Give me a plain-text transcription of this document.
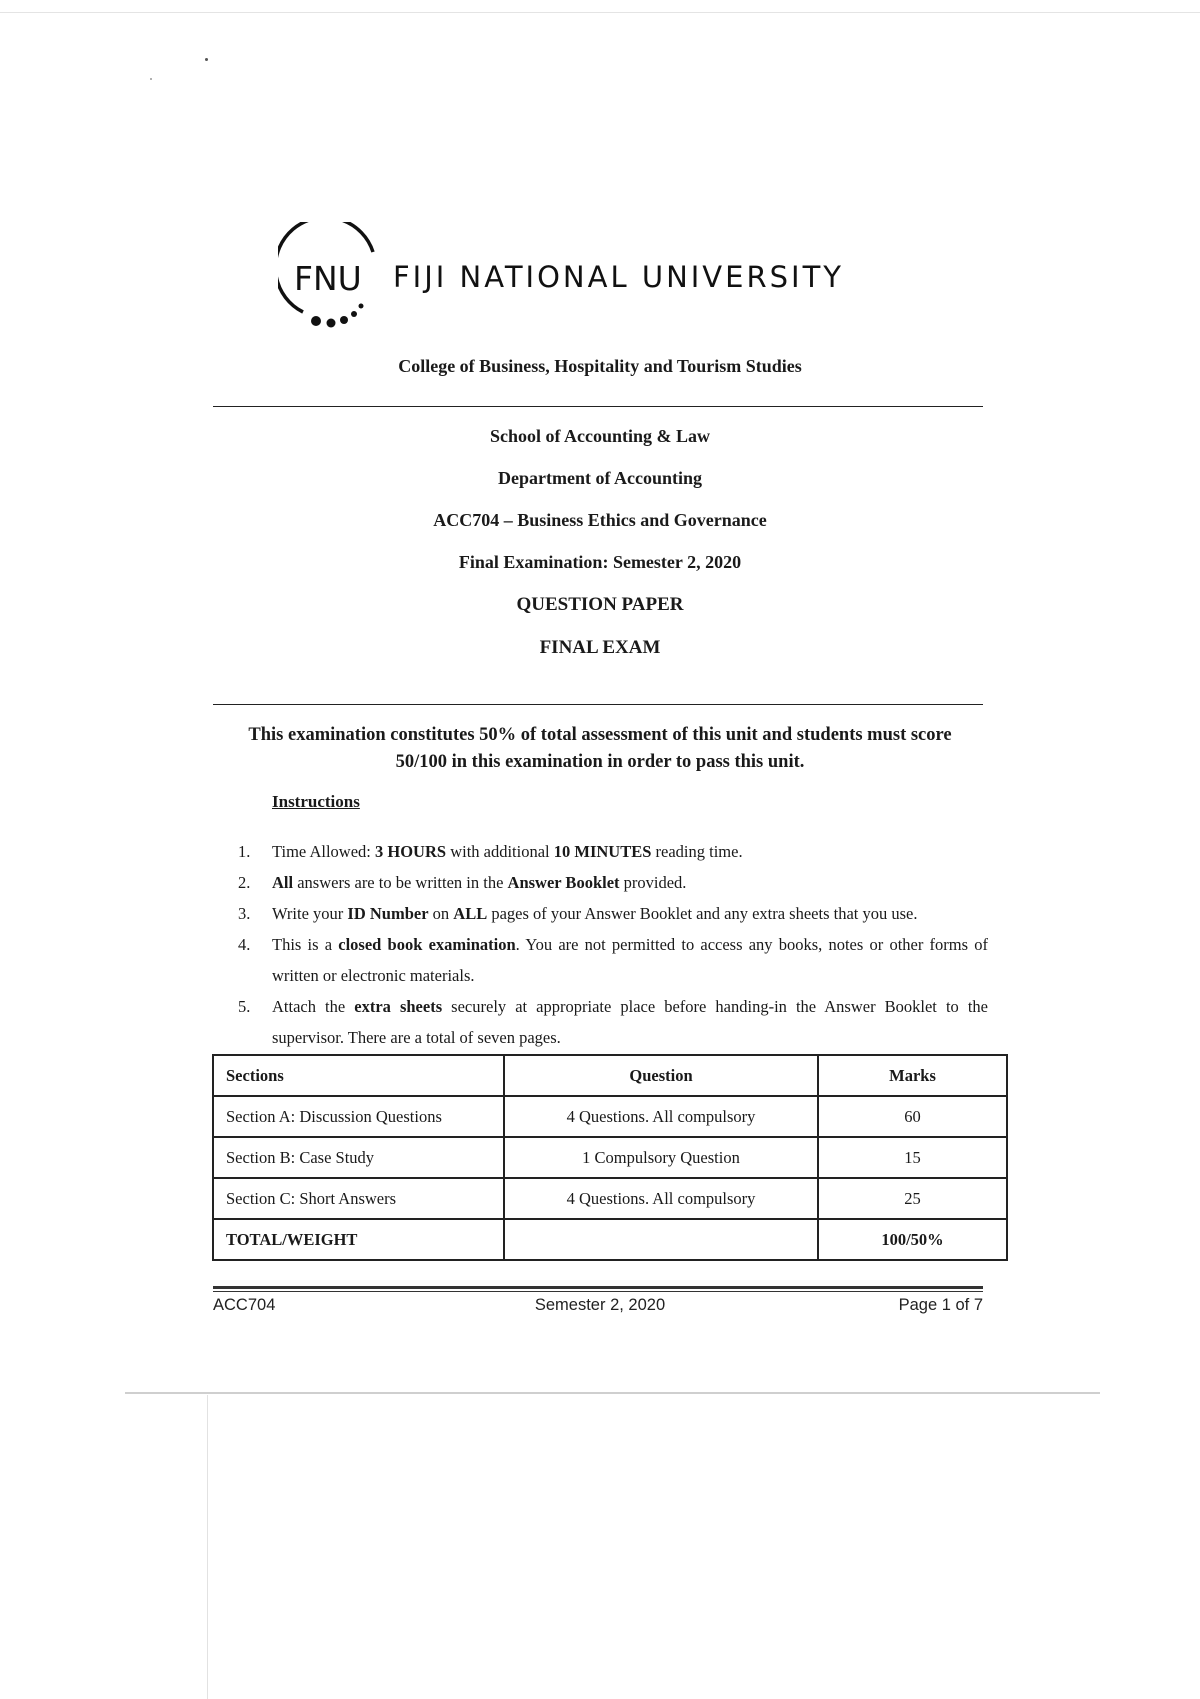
FNU FIJI NATIONAL UNIVERSITY
College of Business, Hospitality and Tourism Studies
School of Accounting & Law
Department of Accounting
ACC704 – Business Ethics and Governance
Final Examination: Semester 2, 2020
QUESTION PAPER
FINAL EXAM
This examination constitutes 50% of total assessment of this unit and students must score
50/100 in this examination in order to pass this unit.
Instructions

1. Time Allowed: 3 HOURS with additional 10 MINUTES reading time.

2. All answers are to be written in the Answer Booklet provided.

3. Write your ID Number on ALL pages of your Answer Booklet and any extra sheets that you use.

4. This is a closed book examination. You are not permitted to access any books, notes or other forms of written or electronic materials.

5. Attach the extra sheets securely at appropriate place before handing-in the Answer Booklet to the supervisor. There are a total of seven pages.

Sections	Question	Marks
Section A: Discussion Questions	4 Questions. All compulsory	60
Section B: Case Study	1 Compulsory Question	15
Section C: Short Answers	4 Questions. All compulsory	25
TOTAL/WEIGHT		100/50%
ACC704	Semester 2, 2020	Page 1 of 7
